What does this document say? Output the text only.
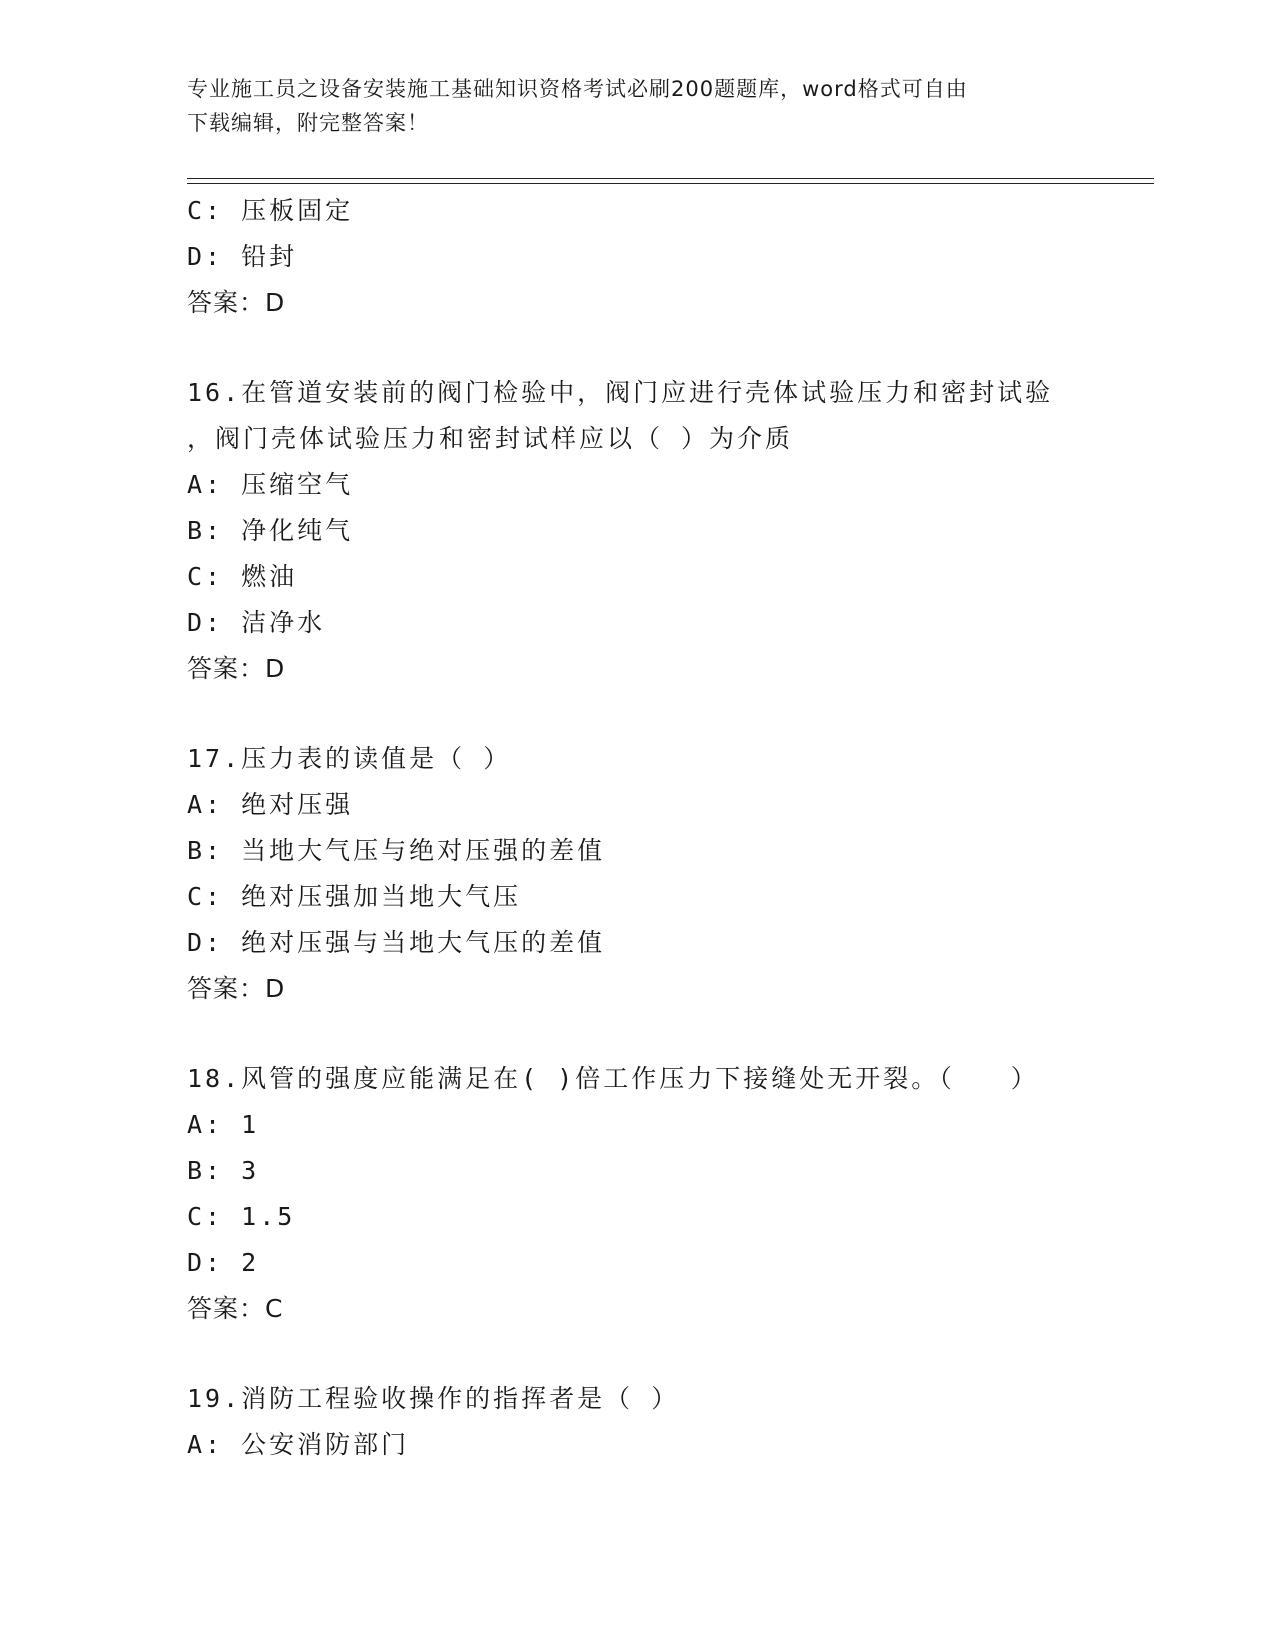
专业施工员之设备安装施工基础知识资格考试必刷200题题库，word格式可自由
下载编辑，附完整答案！
C: 压板固定
D: 铅封
答案：D
16.在管道安装前的阀门检验中，阀门应进行壳体试验压力和密封试验
，阀门壳体试验压力和密封试样应以（ ）为介质
A: 压缩空气
B: 净化纯气
C: 燃油
D: 洁净水
答案：D
17.压力表的读值是（ ）
A: 绝对压强
B: 当地大气压与绝对压强的差值
C: 绝对压强加当地大气压
D: 绝对压强与当地大气压的差值
答案：D
18.风管的强度应能满足在( )倍工作压力下接缝处无开裂。（　　）
A: 1
B: 3
C: 1.5
D: 2
答案：C
19.消防工程验收操作的指挥者是（ ）
A: 公安消防部门
